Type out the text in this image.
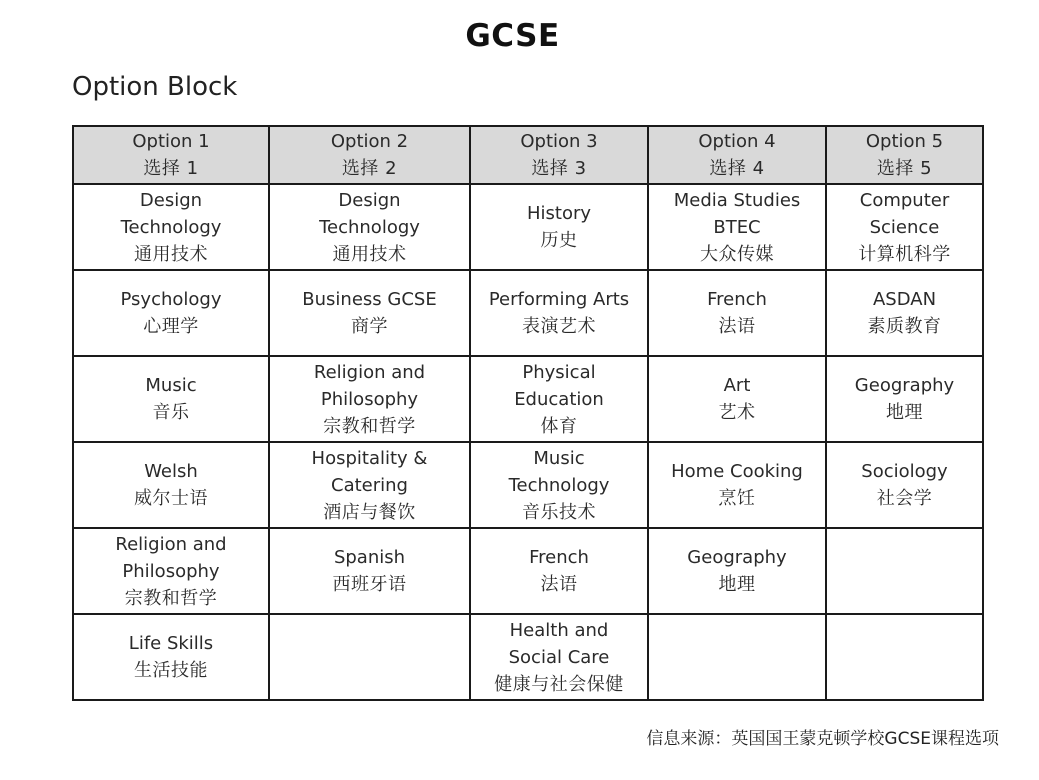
GCSE
Option Block
Option 1
选择 1	Option 2
选择 2	Option 3
选择 3	Option 4
选择 4	Option 5
选择 5

Design
Technology
通用技术	Design
Technology
通用技术	History
历史	Media Studies
BTEC
大众传媒	Computer
Science
计算机科学

Psychology
心理学	Business GCSE
商学	Performing Arts
表演艺术	French
法语	ASDAN
素质教育

Music
音乐	Religion and
Philosophy
宗教和哲学	Physical
Education
体育	Art
艺术	Geography
地理

Welsh
威尔士语	Hospitality &
Catering
酒店与餐饮	Music
Technology
音乐技术	Home Cooking
烹饪	Sociology
社会学

Religion and
Philosophy
宗教和哲学	Spanish
西班牙语	French
法语	Geography
地理	

Life Skills
生活技能		Health and
Social Care
健康与社会保健		

信息来源：英国国王蒙克顿学校GCSE课程选项
